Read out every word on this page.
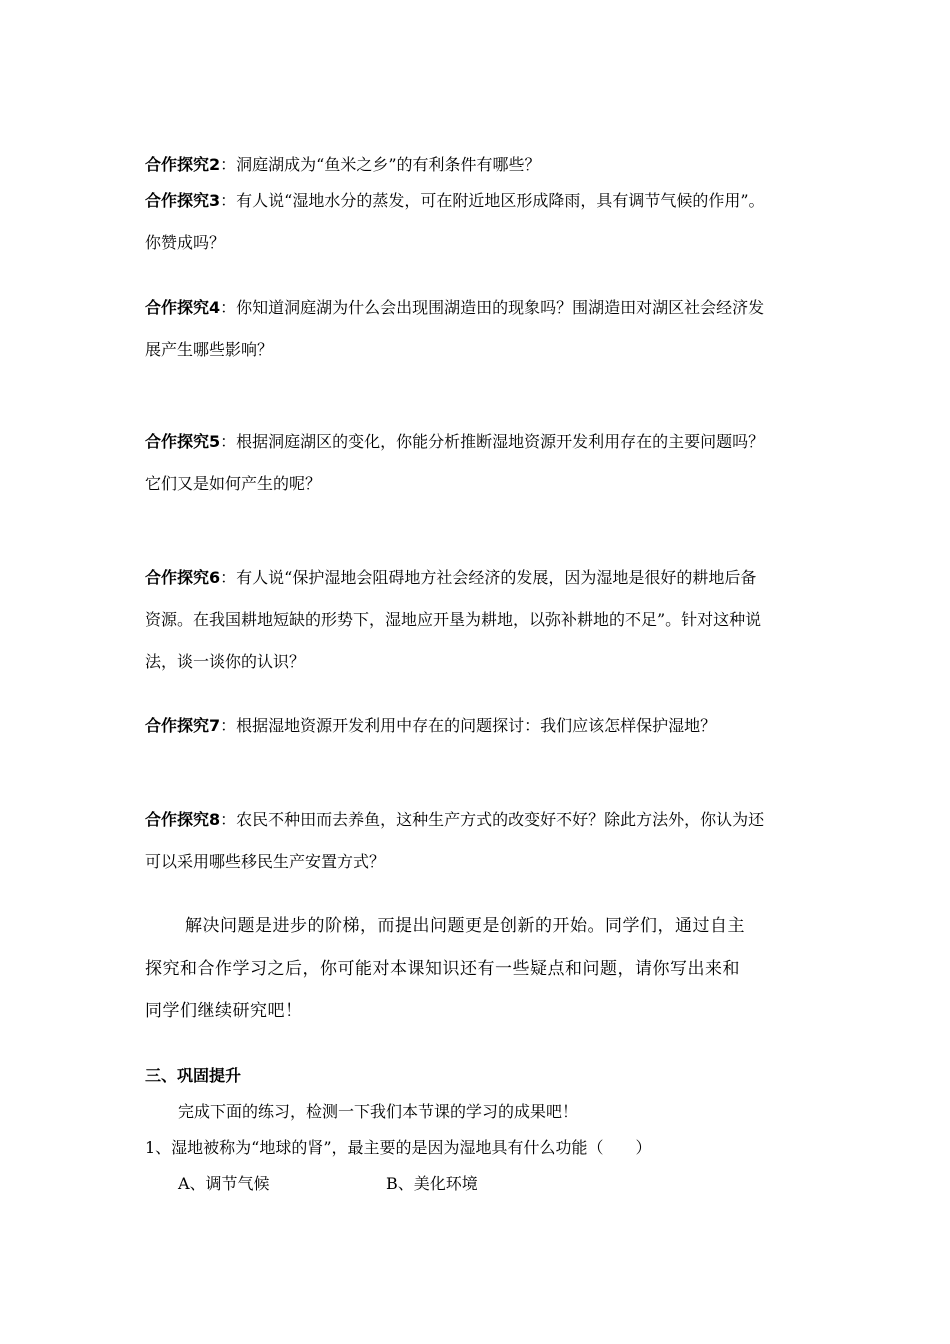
合作探究2：洞庭湖成为“鱼米之乡”的有利条件有哪些？
合作探究3：有人说“湿地水分的蒸发，可在附近地区形成降雨，具有调节气候的作用”。
你赞成吗？
合作探究4：你知道洞庭湖为什么会出现围湖造田的现象吗？围湖造田对湖区社会经济发
展产生哪些影响？
合作探究5：根据洞庭湖区的变化，你能分析推断湿地资源开发利用存在的主要问题吗？
它们又是如何产生的呢？
合作探究6：有人说“保护湿地会阻碍地方社会经济的发展，因为湿地是很好的耕地后备
资源。在我国耕地短缺的形势下，湿地应开垦为耕地，以弥补耕地的不足”。针对这种说
法，谈一谈你的认识？
合作探究7：根据湿地资源开发利用中存在的问题探讨：我们应该怎样保护湿地？
合作探究8：农民不种田而去养鱼，这种生产方式的改变好不好？除此方法外，你认为还
可以采用哪些移民生产安置方式？
解决问题是进步的阶梯，而提出问题更是创新的开始。同学们，通过自主
探究和合作学习之后，你可能对本课知识还有一些疑点和问题，请你写出来和
同学们继续研究吧！
三、巩固提升
完成下面的练习，检测一下我们本节课的学习的成果吧！
1、湿地被称为“地球的肾”，最主要的是因为湿地具有什么功能（　　）
A、调节气候	B、美化环境
